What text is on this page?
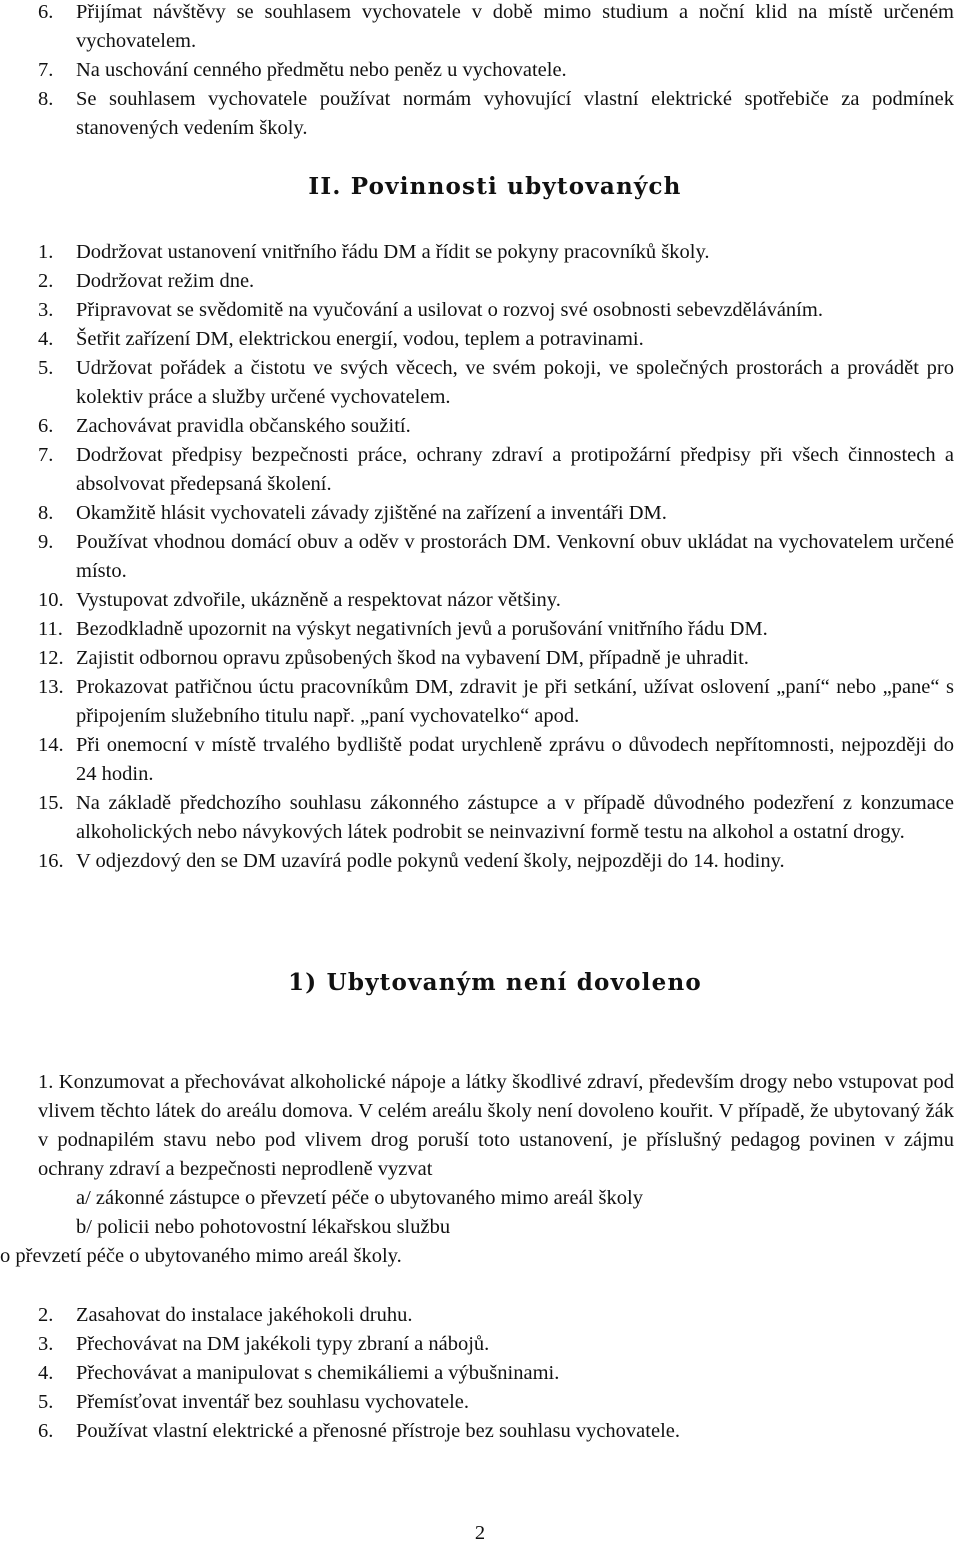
6. Přijímat návštěvy se souhlasem vychovatele v době mimo studium a noční klid na místě určeném vychovatelem.
7. Na uschování cenného předmětu nebo peněz u vychovatele.
8. Se souhlasem vychovatele používat normám vyhovující vlastní elektrické spotřebiče za podmínek stanovených vedením školy.
II. Povinnosti ubytovaných
1. Dodržovat ustanovení vnitřního řádu DM a řídit se pokyny pracovníků školy.
2. Dodržovat režim dne.
3. Připravovat se svědomitě na vyučování a usilovat o rozvoj své osobnosti sebevzděláváním.
4. Šetřit zařízení DM, elektrickou energií, vodou, teplem a potravinami.
5. Udržovat pořádek a čistotu ve svých věcech, ve svém pokoji, ve společných prostorách a provádět pro kolektiv práce a služby určené vychovatelem.
6. Zachovávat pravidla občanského soužití.
7. Dodržovat předpisy bezpečnosti práce, ochrany zdraví a protipožární předpisy při všech činnostech a absolvovat předepsaná školení.
8. Okamžitě hlásit vychovateli závady zjištěné na zařízení a inventáři DM.
9. Používat vhodnou domácí obuv a oděv v prostorách DM. Venkovní obuv ukládat na vychovatelem určené místo.
10. Vystupovat zdvořile, ukázněně a respektovat názor většiny.
11. Bezodkladně upozornit na výskyt negativních jevů a porušování vnitřního řádu DM.
12. Zajistit odbornou opravu způsobených škod na vybavení DM, případně je uhradit.
13. Prokazovat patřičnou úctu pracovníkům DM, zdravit je při setkání, užívat oslovení „paní“ nebo „pane“ s připojením služebního titulu např. „paní vychovatelko“ apod.
14. Při onemocní v místě trvalého bydliště podat urychleně zprávu o důvodech nepřítomnosti, nejpozději do 24 hodin.
15. Na základě předchozího souhlasu zákonného zástupce a v případě důvodného podezření z konzumace alkoholických nebo návykových látek podrobit se neinvazivní formě testu na alkohol a ostatní drogy.
16. V odjezdový den se DM uzavírá podle pokynů vedení školy, nejpozději do 14. hodiny.
1) Ubytovaným není dovoleno

1. Konzumovat a přechovávat alkoholické nápoje a látky škodlivé zdraví, především drogy nebo vstupovat pod vlivem těchto látek do areálu domova. V celém areálu školy není dovoleno kouřit. V případě, že ubytovaný žák v podnapilém stavu nebo pod vlivem drog poruší toto ustanovení, je příslušný pedagog povinen v zájmu ochrany zdraví a bezpečnosti neprodleně vyzvat

a/ zákonné zástupce o převzetí péče o ubytovaného mimo areál školy

b/ policii nebo pohotovostní lékařskou službu

o převzetí péče o ubytovaného mimo areál školy.

2. Zasahovat do instalace jakéhokoli druhu.
3. Přechovávat na DM jakékoli typy zbraní a nábojů.
4. Přechovávat a manipulovat s chemikáliemi a výbušninami.
5. Přemísťovat inventář bez souhlasu vychovatele.
6. Používat vlastní elektrické a přenosné přístroje bez souhlasu vychovatele.
2
